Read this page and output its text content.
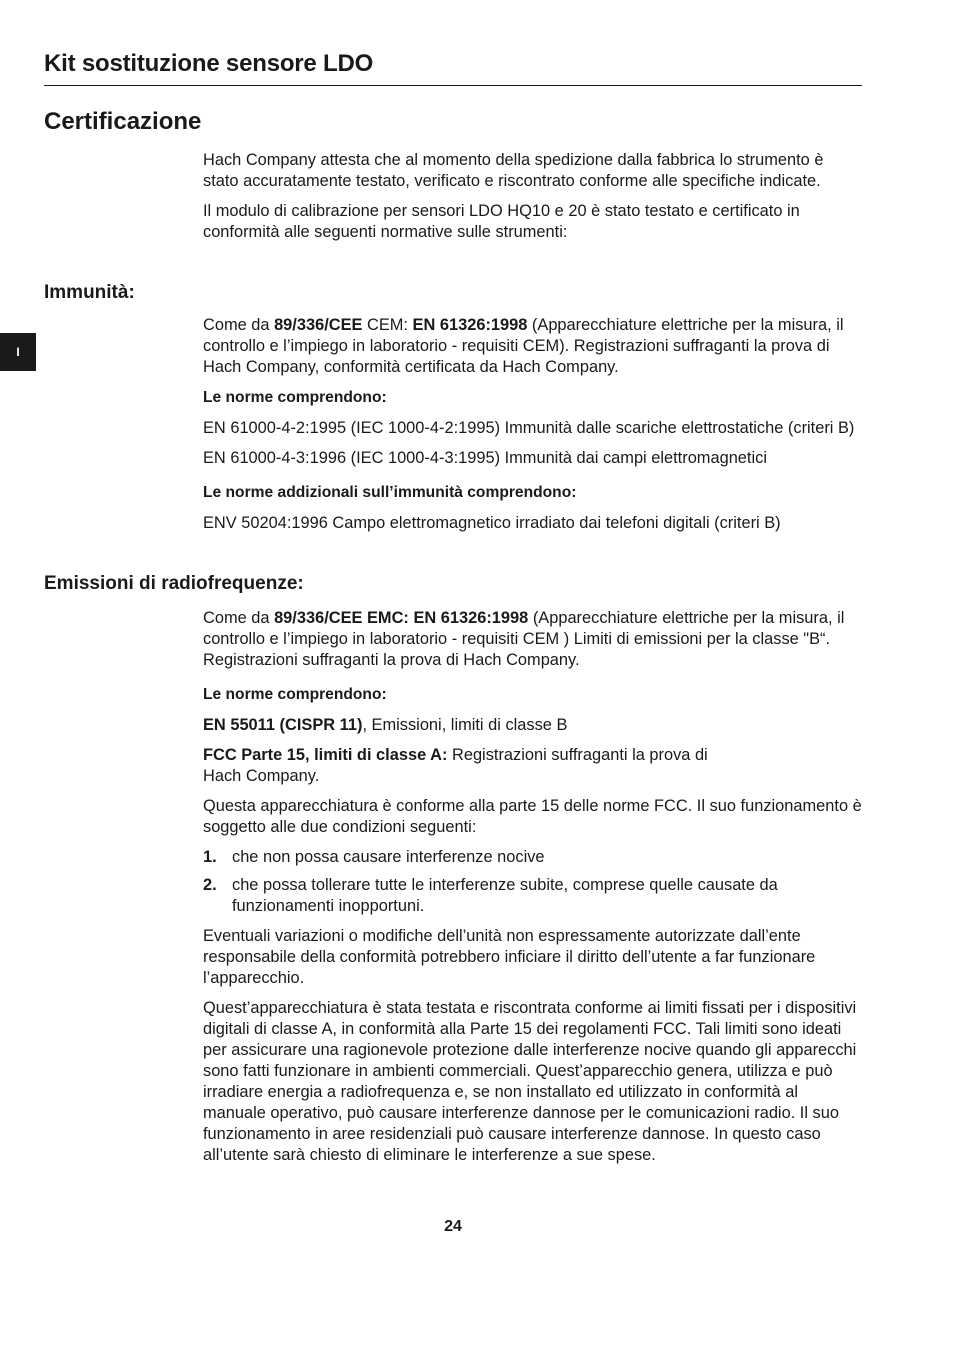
Kit sostituzione sensore LDO
Certificazione
I

Hach Company attesta che al momento della spedizione dalla fabbrica lo strumento è stato accuratamente testato, verificato e riscontrato conforme alle specifiche indicate.

Il modulo di calibrazione per sensori LDO HQ10 e 20 è stato testato e certificato in conformità alle seguenti normative sulle strumenti:

Immunità:

Come da 89/336/CEE CEM: EN 61326:1998 (Apparecchiature elettriche per la misura, il controllo e l’impiego in laboratorio - requisiti CEM). Registrazioni suffraganti la prova di Hach Company, conformità certificata da Hach Company.

Le norme comprendono:

EN 61000-4-2:1995 (IEC 1000-4-2:1995) Immunità dalle scariche elettrostatiche (criteri B)

EN 61000-4-3:1996 (IEC 1000-4-3:1995) Immunità dai campi elettromagnetici

Le norme addizionali sull’immunità comprendono:

ENV 50204:1996 Campo elettromagnetico irradiato dai telefoni digitali (criteri B)

Emissioni di radiofrequenze:

Come da 89/336/CEE EMC: EN 61326:1998 (Apparecchiature elettriche per la misura, il controllo e l’impiego in laboratorio - requisiti CEM ) Limiti di emissioni per la classe "B“. Registrazioni suffraganti la prova di Hach Company.

Le norme comprendono:

EN 55011 (CISPR 11), Emissioni, limiti di classe B

FCC Parte 15, limiti di classe A: Registrazioni suffraganti la prova di
Hach Company.

Questa apparecchiatura è conforme alla parte 15 delle norme FCC. Il suo funzionamento è soggetto alle due condizioni seguenti:

1. che non possa causare interferenze nocive
2. che possa tollerare tutte le interferenze subite, comprese quelle causate da funzionamenti inopportuni.

Eventuali variazioni o modifiche dell’unità non espressamente autorizzate dall’ente responsabile della conformità potrebbero inficiare il diritto dell’utente a far funzionare l’apparecchio.

Quest’apparecchiatura è stata testata e riscontrata conforme ai limiti fissati per i dispositivi digitali di classe A, in conformità alla Parte 15 dei regolamenti FCC. Tali limiti sono ideati per assicurare una ragionevole protezione dalle interferenze nocive quando gli apparecchi sono fatti funzionare in ambienti commerciali. Quest’apparecchio genera, utilizza e può irradiare energia a radiofrequenza e, se non installato ed utilizzato in conformità al manuale operativo, può causare interferenze dannose per le comunicazioni radio. Il suo funzionamento in aree residenziali può causare interferenze dannose. In questo caso all’utente sarà chiesto di eliminare le interferenze a sue spese.

24
